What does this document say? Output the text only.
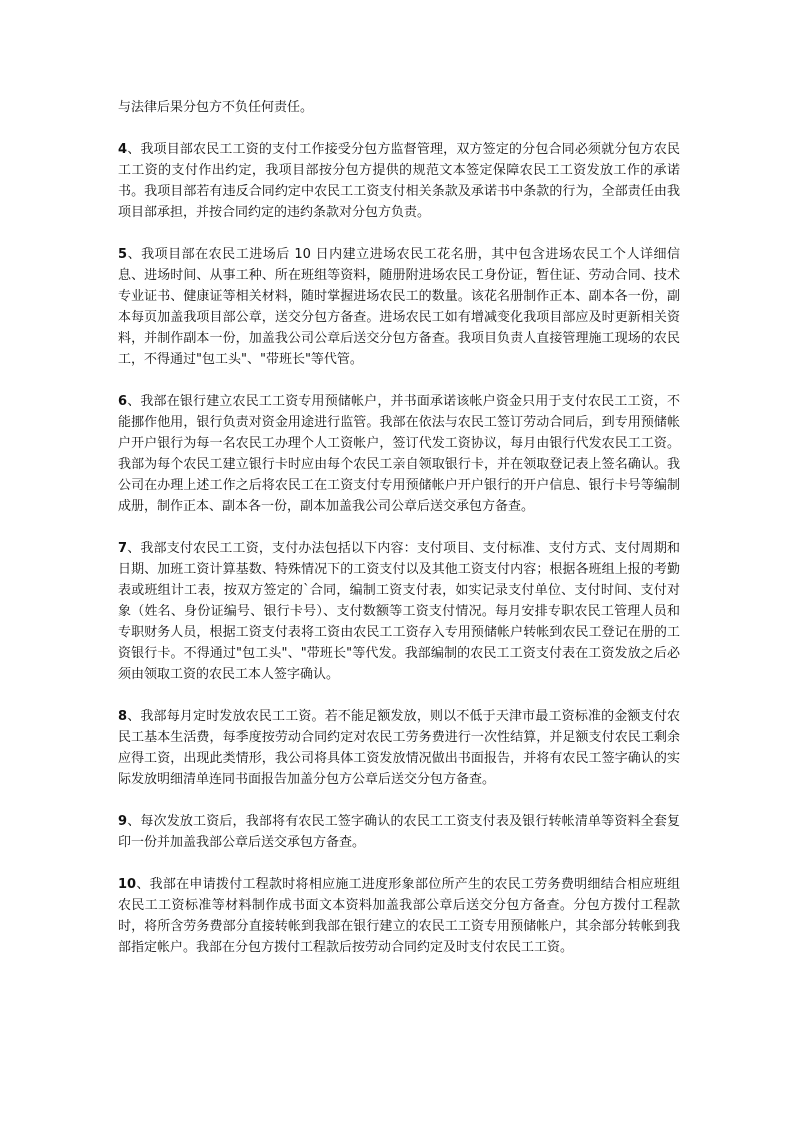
与法律后果分包方不负任何责任。

4、我项目部农民工工资的支付工作接受分包方监督管理，双方签定的分包合同必须就分包方农民工工资的支付作出约定，我项目部按分包方提供的规范文本签定保障农民工工资发放工作的承诺书。我项目部若有违反合同约定中农民工工资支付相关条款及承诺书中条款的行为，全部责任由我项目部承担，并按合同约定的违约条款对分包方负责。

5、我项目部在农民工进场后 10 日内建立进场农民工花名册，其中包含进场农民工个人详细信息、进场时间、从事工种、所在班组等资料，随册附进场农民工身份证，暂住证、劳动合同、技术专业证书、健康证等相关材料，随时掌握进场农民工的数量。该花名册制作正本、副本各一份，副本每页加盖我项目部公章，送交分包方备查。进场农民工如有增减变化我项目部应及时更新相关资料，并制作副本一份，加盖我公司公章后送交分包方备查。我项目负责人直接管理施工现场的农民工，不得通过"包工头"、"带班长"等代管。

6、我部在银行建立农民工工资专用预储帐户，并书面承诺该帐户资金只用于支付农民工工资，不能挪作他用，银行负责对资金用途进行监管。我部在依法与农民工签订劳动合同后，到专用预储帐户开户银行为每一名农民工办理个人工资帐户，签订代发工资协议，每月由银行代发农民工工资。我部为每个农民工建立银行卡时应由每个农民工亲自领取银行卡，并在领取登记表上签名确认。我公司在办理上述工作之后将农民工在工资支付专用预储帐户开户银行的开户信息、银行卡号等编制成册，制作正本、副本各一份，副本加盖我公司公章后送交承包方备查。

7、我部支付农民工工资，支付办法包括以下内容：支付项目、支付标准、支付方式、支付周期和日期、加班工资计算基数、特殊情况下的工资支付以及其他工资支付内容；根据各班组上报的考勤表或班组计工表，按双方签定的`合同，编制工资支付表，如实记录支付单位、支付时间、支付对象（姓名、身份证编号、银行卡号）、支付数额等工资支付情况。每月安排专职农民工管理人员和专职财务人员，根据工资支付表将工资由农民工工资存入专用预储帐户转帐到农民工登记在册的工资银行卡。不得通过"包工头"、"带班长"等代发。我部编制的农民工工资支付表在工资发放之后必须由领取工资的农民工本人签字确认。

8、我部每月定时发放农民工工资。若不能足额发放，则以不低于天津市最工资标准的金额支付农民工基本生活费，每季度按劳动合同约定对农民工劳务费进行一次性结算，并足额支付农民工剩余应得工资，出现此类情形，我公司将具体工资发放情况做出书面报告，并将有农民工签字确认的实际发放明细清单连同书面报告加盖分包方公章后送交分包方备查。

9、每次发放工资后，我部将有农民工签字确认的农民工工资支付表及银行转帐清单等资料全套复印一份并加盖我部公章后送交承包方备查。

10、我部在申请拨付工程款时将相应施工进度形象部位所产生的农民工劳务费明细结合相应班组农民工工资标准等材料制作成书面文本资料加盖我部公章后送交分包方备查。分包方拨付工程款时，将所含劳务费部分直接转帐到我部在银行建立的农民工工资专用预储帐户，其余部分转帐到我部指定帐户。我部在分包方拨付工程款后按劳动合同约定及时支付农民工工资。
